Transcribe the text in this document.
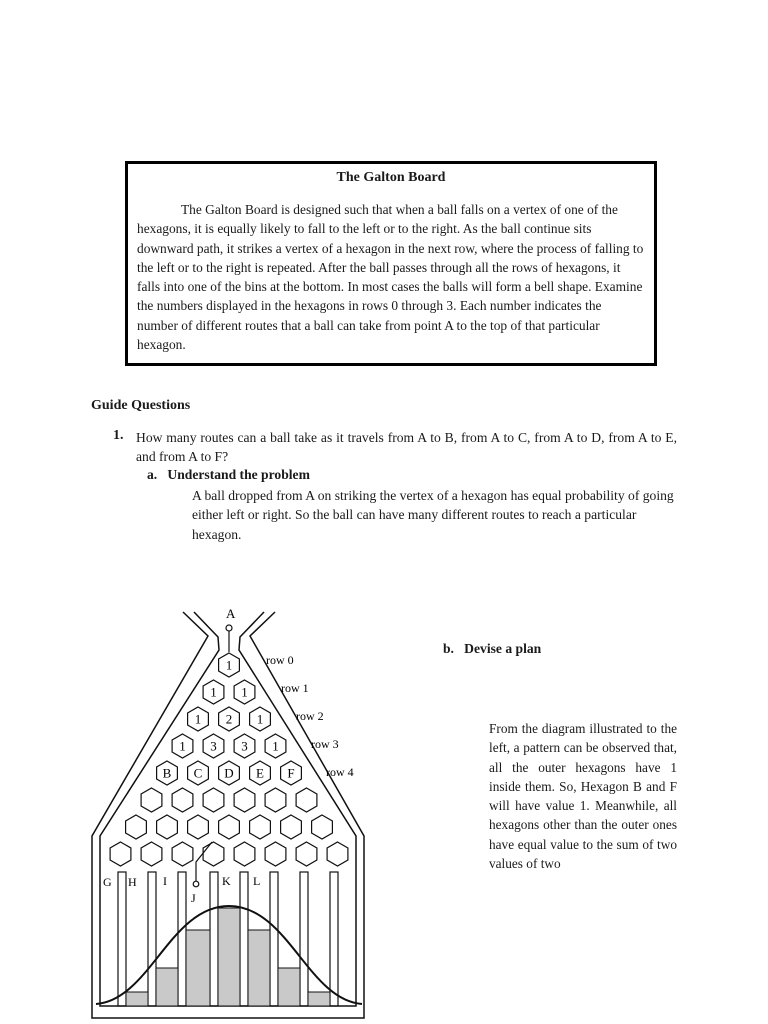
The Galton Board
The Galton Board is designed such that when a ball falls on a vertex of one of the hexagons, it is equally likely to fall to the left or to the right. As the ball continue sits downward path, it strikes a vertex of a hexagon in the next row, where the process of falling to the left or to the right is repeated. After the ball passes through all the rows of hexagons, it falls into one of the bins at the bottom. In most cases the balls will form a bell shape. Examine the numbers displayed in the hexagons in rows 0 through 3. Each number indicates the number of different routes that a ball can take from point A to the top of that particular hexagon.
Guide Questions
1. How many routes can a ball take as it travels from A to B, from A to C, from A to D, from A to E, and from A to F?
a. Understand the problem
A ball dropped from A on striking the vertex of a hexagon has equal probability of going either left or right. So the ball can have many different routes to reach a particular hexagon.
b. Devise a plan
From the diagram illustrated to the left, a pattern can be observed that, all the outer hexagons have 1 inside them. So, Hexagon B and F will have value 1. Meanwhile, all hexagons other than the outer ones have equal value to the sum of two values of two
A
1
1 1
1 2 1
1 3 3 1
B C D E F
row 0
row 1
row 2
row 3
row 4
G H I
J
K L
